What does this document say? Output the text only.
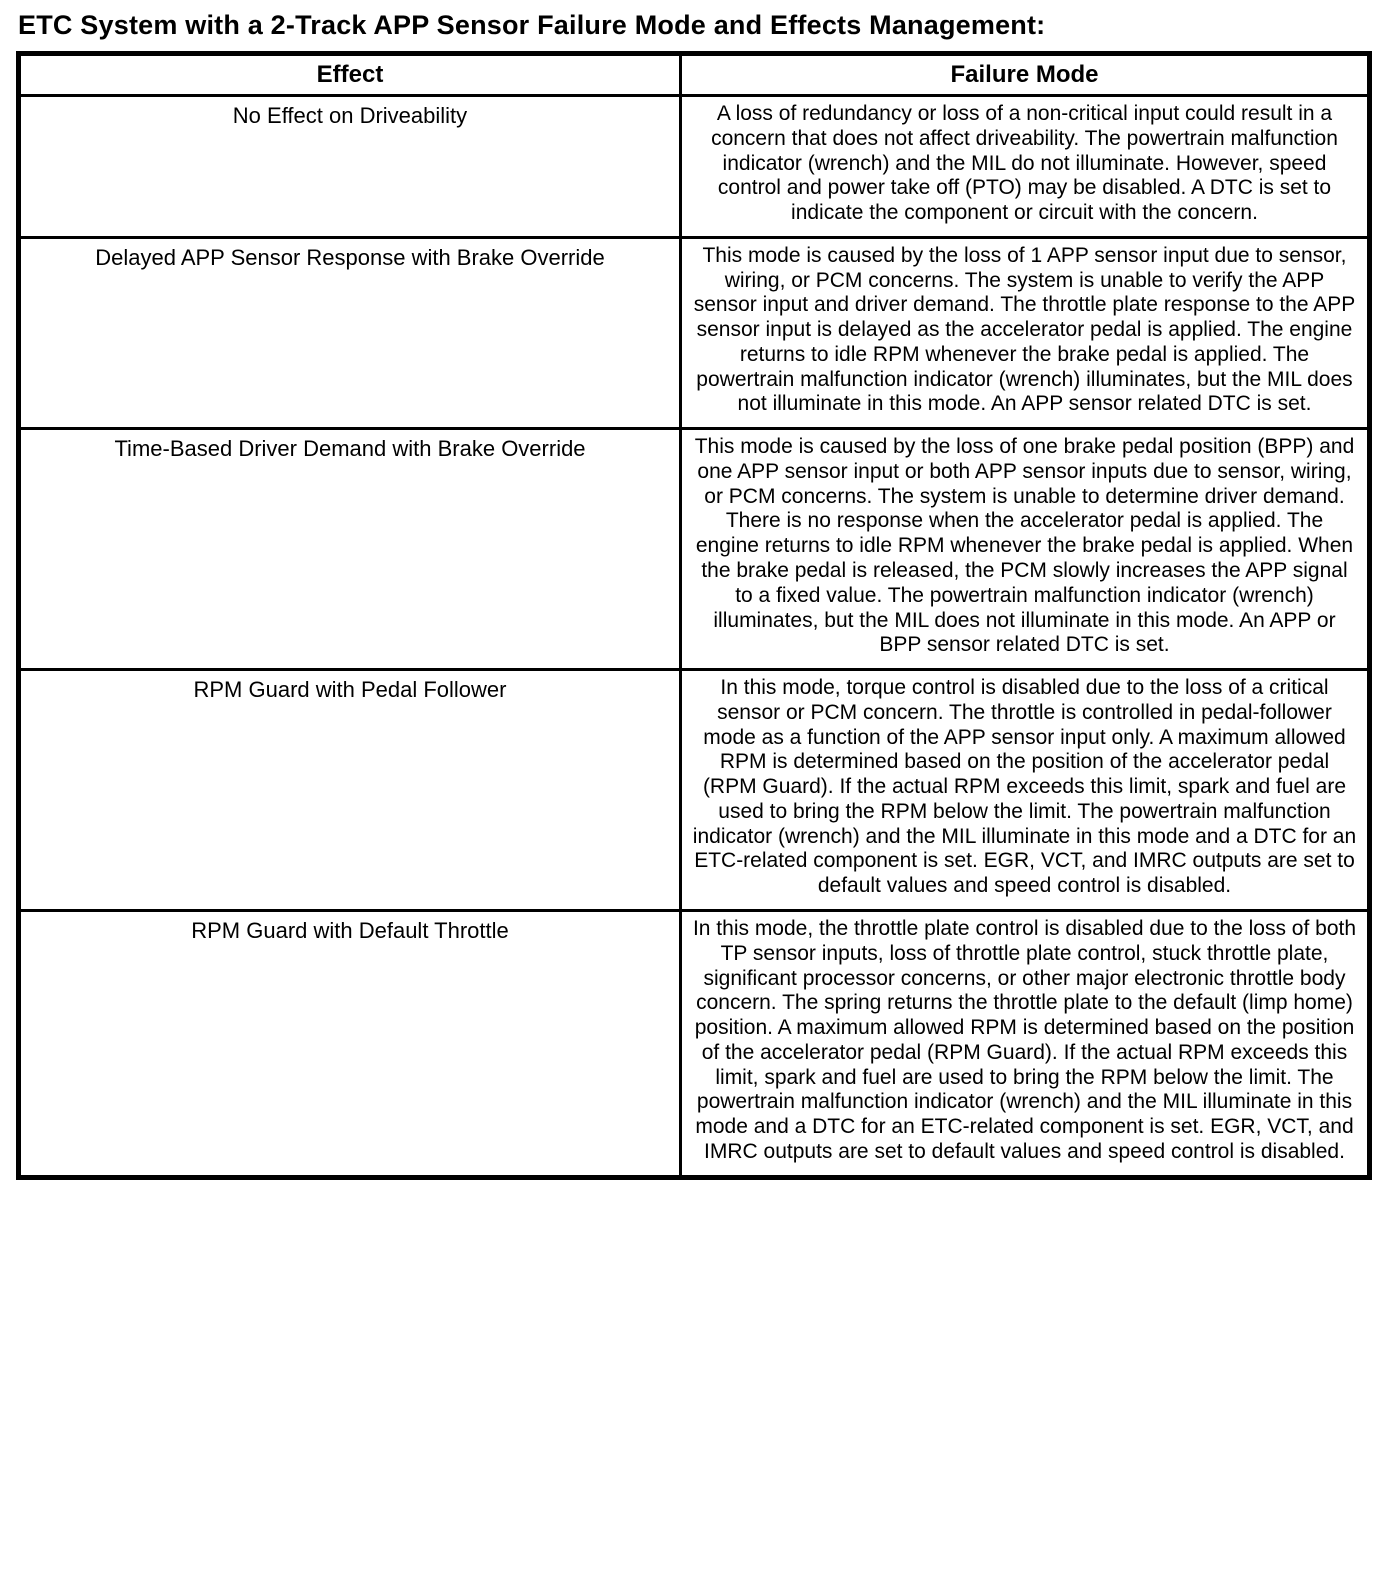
ETC System with a 2-Track APP Sensor Failure Mode and Effects Management:
Effect	Failure Mode
No Effect on Driveability	A loss of redundancy or loss of a non-critical input could result in a concern that does not affect driveability. The powertrain malfunction indicator (wrench) and the MIL do not illuminate. However, speed control and power take off (PTO) may be disabled. A DTC is set to indicate the component or circuit with the concern.
Delayed APP Sensor Response with Brake Override	This mode is caused by the loss of 1 APP sensor input due to sensor, wiring, or PCM concerns. The system is unable to verify the APP sensor input and driver demand. The throttle plate response to the APP sensor input is delayed as the accelerator pedal is applied. The engine returns to idle RPM whenever the brake pedal is applied. The powertrain malfunction indicator (wrench) illuminates, but the MIL does not illuminate in this mode. An APP sensor related DTC is set.
Time-Based Driver Demand with Brake Override	This mode is caused by the loss of one brake pedal position (BPP) and one APP sensor input or both APP sensor inputs due to sensor, wiring, or PCM concerns. The system is unable to determine driver demand. There is no response when the accelerator pedal is applied. The engine returns to idle RPM whenever the brake pedal is applied. When the brake pedal is released, the PCM slowly increases the APP signal to a fixed value. The powertrain malfunction indicator (wrench) illuminates, but the MIL does not illuminate in this mode. An APP or BPP sensor related DTC is set.
RPM Guard with Pedal Follower	In this mode, torque control is disabled due to the loss of a critical sensor or PCM concern. The throttle is controlled in pedal-follower mode as a function of the APP sensor input only. A maximum allowed RPM is determined based on the position of the accelerator pedal (RPM Guard). If the actual RPM exceeds this limit, spark and fuel are used to bring the RPM below the limit. The powertrain malfunction indicator (wrench) and the MIL illuminate in this mode and a DTC for an ETC-related component is set. EGR, VCT, and IMRC outputs are set to default values and speed control is disabled.
RPM Guard with Default Throttle	In this mode, the throttle plate control is disabled due to the loss of both TP sensor inputs, loss of throttle plate control, stuck throttle plate, significant processor concerns, or other major electronic throttle body concern. The spring returns the throttle plate to the default (limp home) position. A maximum allowed RPM is determined based on the position of the accelerator pedal (RPM Guard). If the actual RPM exceeds this limit, spark and fuel are used to bring the RPM below the limit. The powertrain malfunction indicator (wrench) and the MIL illuminate in this mode and a DTC for an ETC-related component is set. EGR, VCT, and IMRC outputs are set to default values and speed control is disabled.
